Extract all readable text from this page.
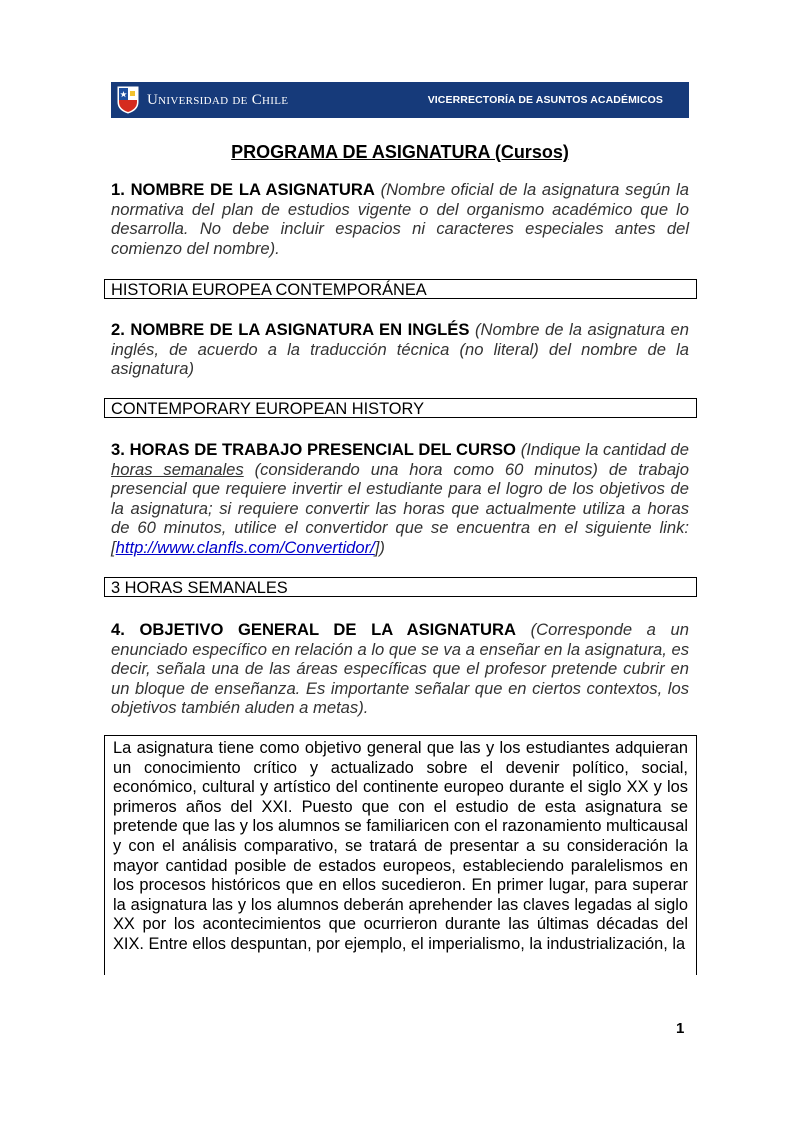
Universidad de Chile	VICERRECTORÍA DE ASUNTOS ACADÉMICOS
PROGRAMA DE ASIGNATURA (Cursos)
1. NOMBRE DE LA ASIGNATURA (Nombre oficial de la asignatura según la normativa del plan de estudios vigente o del organismo académico que lo desarrolla. No debe incluir espacios ni caracteres especiales antes del comienzo del nombre).
HISTORIA EUROPEA CONTEMPORÁNEA
2. NOMBRE DE LA ASIGNATURA EN INGLÉS (Nombre de la asignatura en inglés, de acuerdo a la traducción técnica (no literal) del nombre de la asignatura)
CONTEMPORARY EUROPEAN HISTORY
3. HORAS DE TRABAJO PRESENCIAL DEL CURSO (Indique la cantidad de horas semanales (considerando una hora como 60 minutos) de trabajo presencial que requiere invertir el estudiante para el logro de los objetivos de la asignatura; si requiere convertir las horas que actualmente utiliza a horas de 60 minutos, utilice el convertidor que se encuentra en el siguiente link: [http://www.clanfls.com/Convertidor/])
3 HORAS SEMANALES
4. OBJETIVO GENERAL DE LA ASIGNATURA (Corresponde a un enunciado específico en relación a lo que se va a enseñar en la asignatura, es decir, señala una de las áreas específicas que el profesor pretende cubrir en un bloque de enseñanza. Es importante señalar que en ciertos contextos, los objetivos también aluden a metas).
La asignatura tiene como objetivo general que las y los estudiantes adquieran un conocimiento crítico y actualizado sobre el devenir político, social, económico, cultural y artístico del continente europeo durante el siglo XX y los primeros años del XXI. Puesto que con el estudio de esta asignatura se pretende que las y los alumnos se familiaricen con el razonamiento multicausal y con el análisis comparativo, se tratará de presentar a su consideración la mayor cantidad posible de estados europeos, estableciendo paralelismos en los procesos históricos que en ellos sucedieron. En primer lugar, para superar la asignatura las y los alumnos deberán aprehender las claves legadas al siglo XX por los acontecimientos que ocurrieron durante las últimas décadas del XIX. Entre ellos despuntan, por ejemplo, el imperialismo, la industrialización, la
1
